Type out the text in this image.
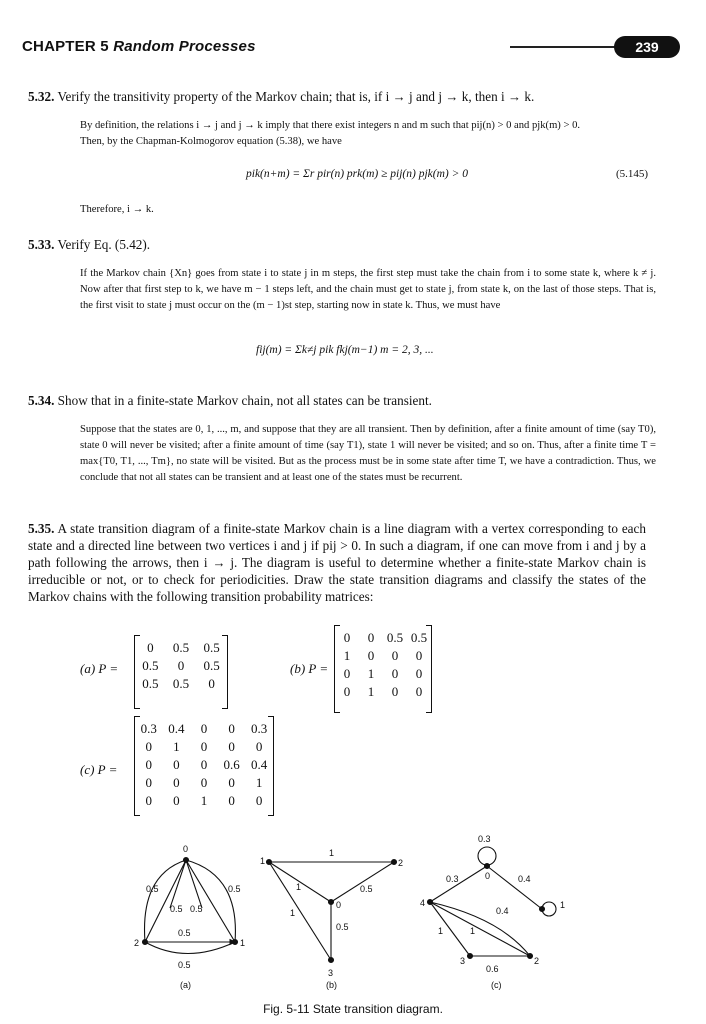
CHAPTER 5 Random Processes	239
5.32. Verify the transitivity property of the Markov chain; that is, if i → j and j → k, then i → k.
By definition, the relations i → j and j → k imply that there exist integers n and m such that pij(n) > 0 and pjk(m) > 0.
Then, by the Chapman-Kolmogorov equation (5.38), we have
pik(n+m) = Σr pir(n) prk(m) ≥ pij(n) pjk(m) > 0	(5.145)
Therefore, i → k.
5.33. Verify Eq. (5.42).
If the Markov chain {Xn} goes from state i to state j in m steps, the first step must take the chain from i to some state k, where k ≠ j. Now after that first step to k, we have m − 1 steps left, and the chain must get to state j, from state k, on the last of those steps. That is, the first visit to state j must occur on the (m − 1)st step, starting now in state k. Thus, we must have
fij(m) = Σk≠j pik fkj(m−1) m = 2, 3, ...
5.34. Show that in a finite-state Markov chain, not all states can be transient.
Suppose that the states are 0, 1, ..., m, and suppose that they are all transient. Then by definition, after a finite amount of time (say T0), state 0 will never be visited; after a finite amount of time (say T1), state 1 will never be visited; and so on. Thus, after a finite time T = max{T0, T1, ..., Tm}, no state will be visited. But as the process must be in some state after time T, we have a contradiction. Thus, we conclude that not all states can be transient and at least one of the states must be recurrent.
5.35. A state transition diagram of a finite-state Markov chain is a line diagram with a vertex corresponding to each state and a directed line between two vertices i and j if pij > 0. In such a diagram, if one can move from i and j by a path following the arrows, then i → j. The diagram is useful to determine whether a finite-state Markov chain is irreducible or not, or to check for periodicities. Draw the state transition diagrams and classify the states of the Markov chains with the following transition probability matrices:
(a) P =
0	0.5	0.5
0.5	0	0.5
0.5	0.5	0
(b) P =
0	0 0.5 0.5
1	0	0	0
0	1	0	0
0	1	0	0
(c) P =
0.3 0.4	0	0	0.3
0	1	0	0	0
0	0	0	0.6 0.4
0	0	0	0	1
0	0	1	0	0
0
1
2
0.5	0.5
0.5
0.5 0.5
0.5
(a)
1	2
0
3
1
1	0.5
0.5
1
(b)
0
1
2
3
4
0.3
0.3	0.4
1
0.4
1
0.6
(c)
Fig. 5-11 State transition diagram.
